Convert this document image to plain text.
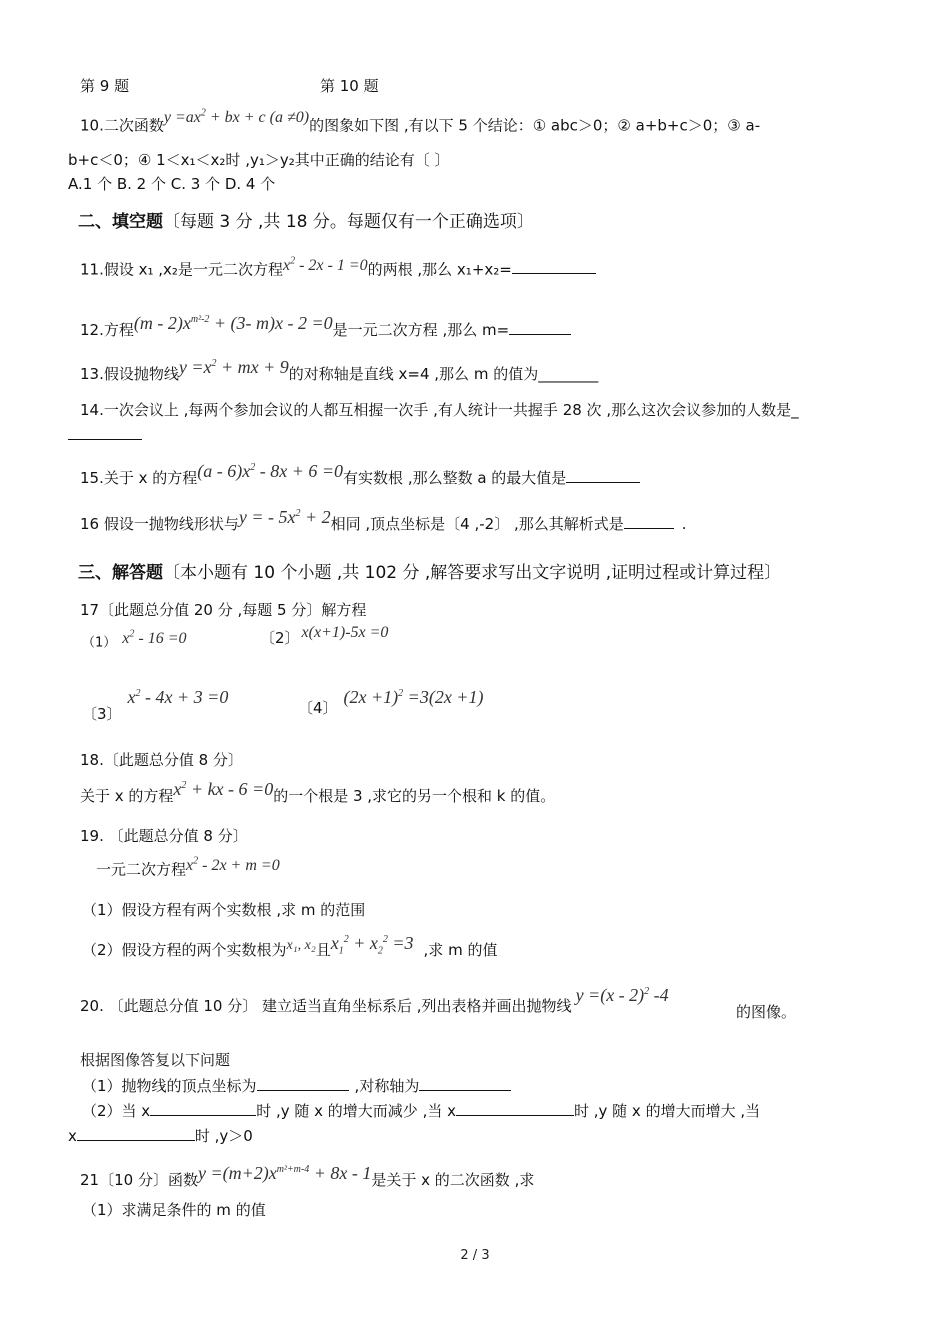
第 9 题	第 10 题
10.二次函数$y =ax^2$ + bx + c (a ≠0)的图象如下图 ,有以下 5 个结论：① abc＞0；② a+b+c＞0；③ a-
b+c＜0；④ 1＜x₁＜x₂时 ,y₁＞y₂其中正确的结论有〔 〕
A.1 个 B. 2 个 C. 3 个 D. 4 个
二、填空题〔每题 3 分 ,共 18 分。每题仅有一个正确选项〕
11.假设 x₁ ,x₂是一元二次方程$x^2 - 2x - 1 =0$的两根 ,那么 x₁+x₂=
12.方程$(m - 2)x^{m^2-2} + (3-$ m)x - 2 =0是一元二次方程 ,那么 m=
13.假设抛物线$y =x^2$ + mx + 9的对称轴是直线 x=4 ,那么 m 的值为________
14.一次会议上 ,每两个参加会议的人都互相握一次手 ,有人统计一共握手 28 次 ,那么这次会议参加的人数是_
15.关于 x 的方程$(a - 6)x^2 - 8x + 6 =0$有实数根 ,那么整数 a 的最大值是
16 假设一抛物线形状与y = - $5x^2 + 2$相同 ,顶点坐标是〔4 ,-2〕 ,那么其解析式是	.
三、解答题〔本小题有 10 个小题 ,共 102 分 ,解答要求写出文字说明 ,证明过程或计算过程〕
17〔此题总分值 20 分 ,每题 5 分〕解方程
（1） $x^2 - 16 =0$	〔2〕 x(x+1)-5x =0
〔3〕$x^2 - 4x + 3 =0$
〔4〕$(2x +1)^2 =3(2x +1)$
18.〔此题总分值 8 分〕
关于 x 的方程$x^2$ + kx - 6 =0的一个根是 3 ,求它的另一个根和 k 的值。
19. 〔此题总分值 8 分〕
一元二次方程$x^2 - 2x + m =0$
（1）假设方程有两个实数根 ,求 m 的范围
（2）假设方程的两个实数根为x₁, x₂且$x_1^2 + x_2^2 =3$ ,求 m 的值
20. 〔此题总分值 10 分〕 建立适当直角坐标系后 ,列出表格并画出抛物线y =(x - 2)$^2$ -4
的图像。
根据图像答复以下问题
（1）抛物线的顶点坐标为	,对称轴为
（2）当 x	时 ,y 随 x 的增大而减少 ,当 x	时 ,y 随 x 的增大而增大 ,当
x	时 ,y＞0
21〔10 分〕函数$y =(m+2)x^{m^2+m-4} + 8x - 1$是关于 x 的二次函数 ,求
（1）求满足条件的 m 的值
2 / 3
